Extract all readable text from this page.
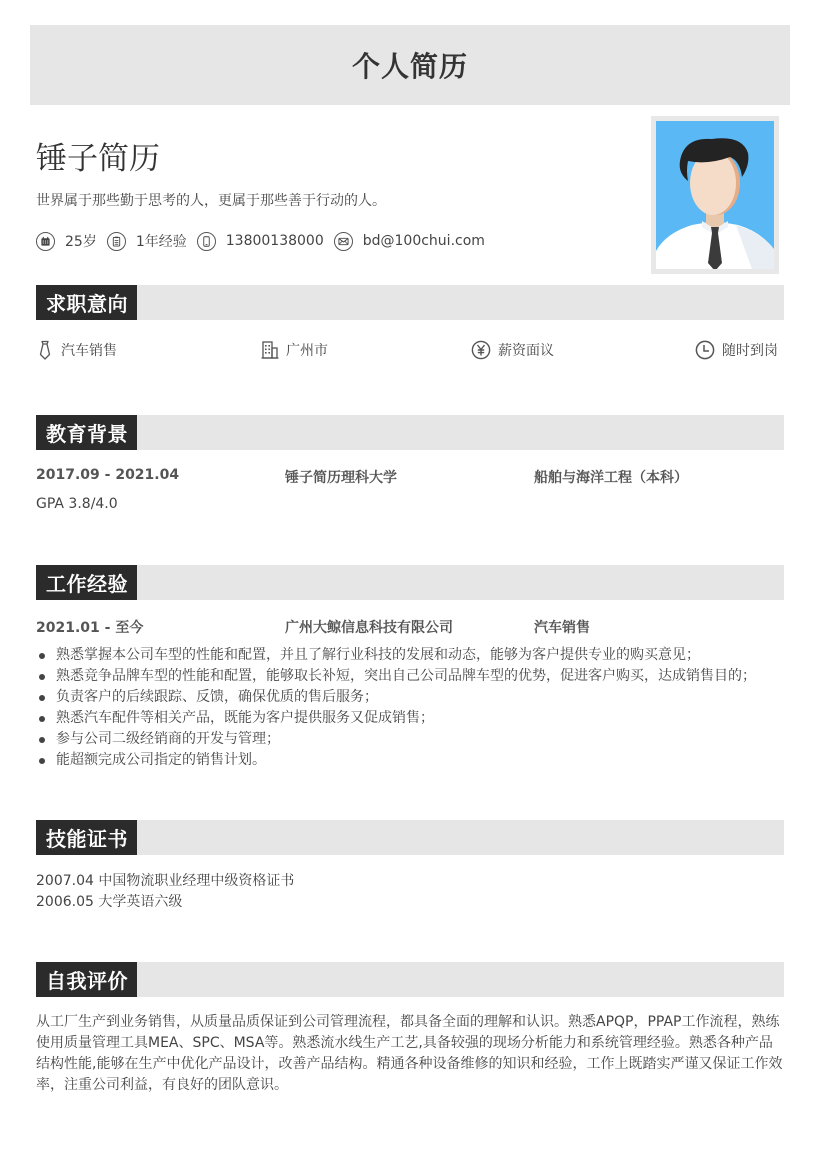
个人简历
锤子简历
世界属于那些勤于思考的人，更属于那些善于行动的人。
25岁	1年经验	13800138000	bd@100chui.com
求职意向
汽车销售	广州市	薪资面议	随时到岗
教育背景
2017.09 - 2021.04	锤子简历理科大学	船舶与海洋工程（本科）
GPA 3.8/4.0
工作经验
2021.01 - 至今	广州大鲸信息科技有限公司	汽车销售
熟悉掌握本公司车型的性能和配置，并且了解行业科技的发展和动态，能够为客户提供专业的购买意见；
熟悉竞争品牌车型的性能和配置，能够取长补短，突出自己公司品牌车型的优势，促进客户购买，达成销售目的；
负责客户的后续跟踪、反馈，确保优质的售后服务；
熟悉汽车配件等相关产品，既能为客户提供服务又促成销售；
参与公司二级经销商的开发与管理；
能超额完成公司指定的销售计划。
技能证书
2007.04 中国物流职业经理中级资格证书
2006.05 大学英语六级
自我评价
从工厂生产到业务销售，从质量品质保证到公司管理流程，都具备全面的理解和认识。熟悉APQP，PPAP工作流程，熟练使用质量管理工具MEA、SPC、MSA等。熟悉流水线生产工艺,具备较强的现场分析能力和系统管理经验。熟悉各种产品结构性能,能够在生产中优化产品设计，改善产品结构。精通各种设备维修的知识和经验，工作上既踏实严谨又保证工作效率，注重公司利益，有良好的团队意识。
